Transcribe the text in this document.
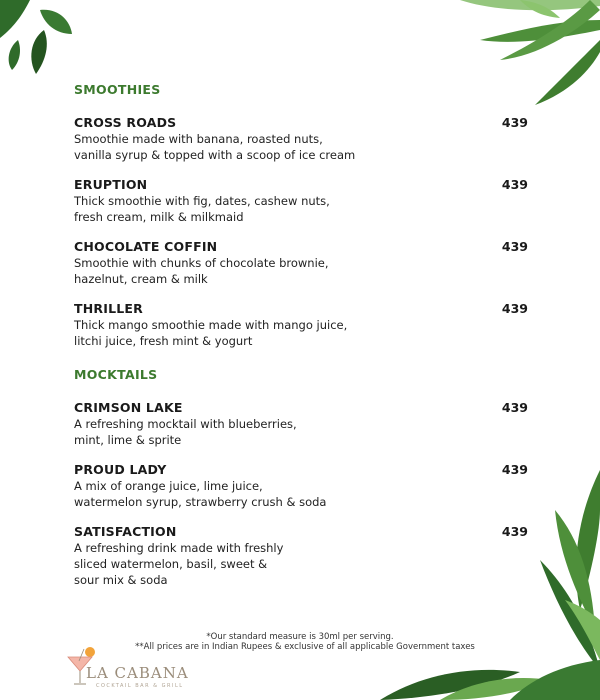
SMOOTHIES
CROSS ROADS	439
Smoothie made with banana, roasted nuts,
vanilla syrup & topped with a scoop of ice cream
ERUPTION	439
Thick smoothie with fig, dates, cashew nuts,
fresh cream, milk & milkmaid
CHOCOLATE COFFIN	439
Smoothie with chunks of chocolate brownie,
hazelnut, cream & milk
THRILLER	439
Thick mango smoothie made with mango juice,
litchi juice, fresh mint & yogurt
MOCKTAILS
CRIMSON LAKE	439
A refreshing mocktail with blueberries,
mint, lime & sprite
PROUD LADY	439
A mix of orange juice, lime juice,
watermelon syrup, strawberry crush & soda
SATISFACTION	439
A refreshing drink made with freshly
sliced watermelon, basil, sweet &
sour mix & soda
*Our standard measure is 30ml per serving.
**All prices are in Indian Rupees & exclusive of all applicable Government taxes
LA CABANA
COCKTAIL BAR & GRILL
